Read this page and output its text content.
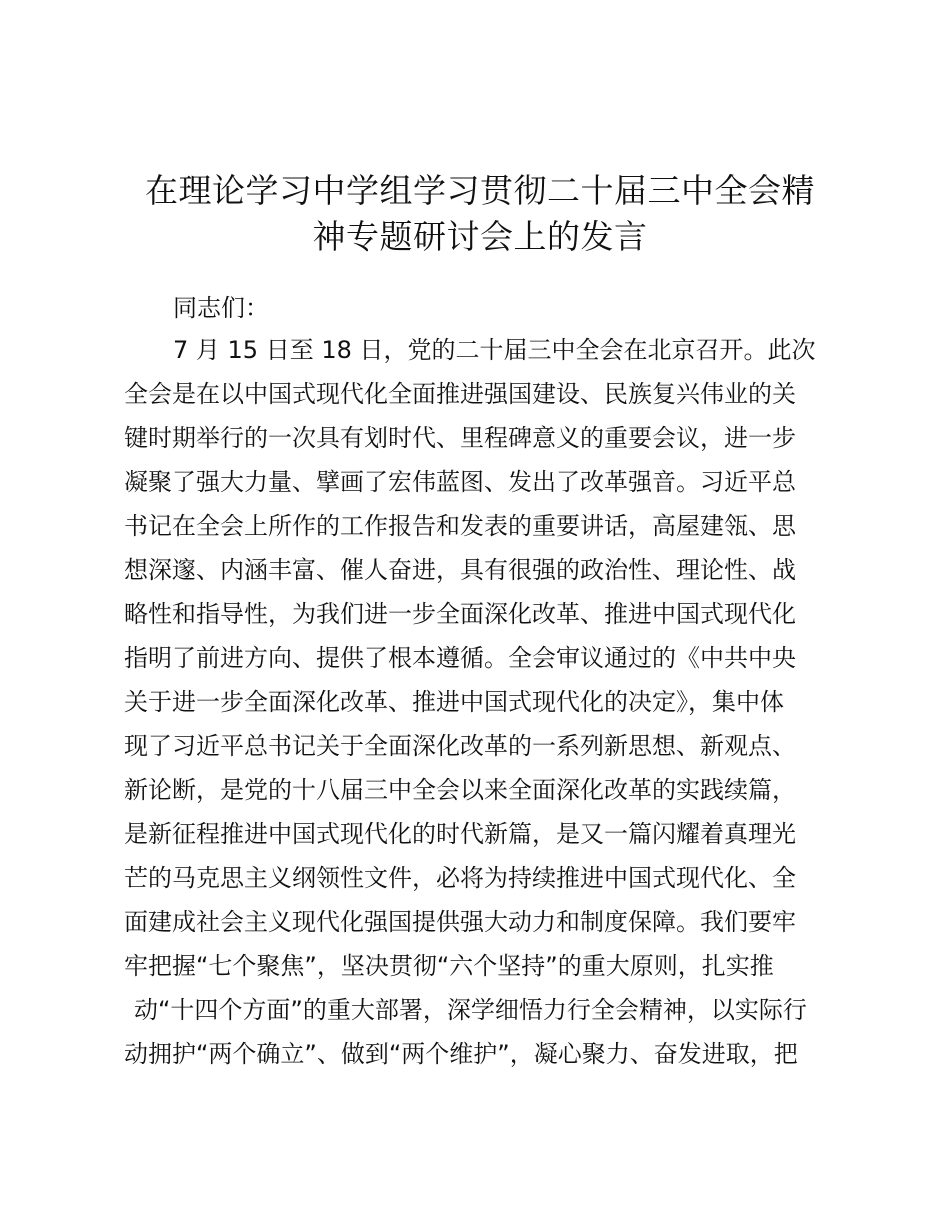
在理论学习中学组学习贯彻二十届三中全会精
神专题研讨会上的发言

同志们：

7 月 15 日至 18 日，党的二十届三中全会在北京召开。此次
全会是在以中国式现代化全面推进强国建设、民族复兴伟业的关
键时期举行的一次具有划时代、里程碑意义的重要会议，进一步
凝聚了强大力量、擘画了宏伟蓝图、发出了改革强音。习近平总
书记在全会上所作的工作报告和发表的重要讲话，高屋建瓴、思
想深邃、内涵丰富、催人奋进，具有很强的政治性、理论性、战
略性和指导性，为我们进一步全面深化改革、推进中国式现代化
指明了前进方向、提供了根本遵循。全会审议通过的《中共中央
关于进一步全面深化改革、推进中国式现代化的决定》，集中体
现了习近平总书记关于全面深化改革的一系列新思想、新观点、
新论断，是党的十八届三中全会以来全面深化改革的实践续篇，
是新征程推进中国式现代化的时代新篇，是又一篇闪耀着真理光
芒的马克思主义纲领性文件，必将为持续推进中国式现代化、全
面建成社会主义现代化强国提供强大动力和制度保障。我们要牢
牢把握“七个聚焦”，坚决贯彻“六个坚持”的重大原则，扎实推
动“十四个方面”的重大部署，深学细悟力行全会精神，以实际行
动拥护“两个确立”、做到“两个维护”，凝心聚力、奋发进取，把
